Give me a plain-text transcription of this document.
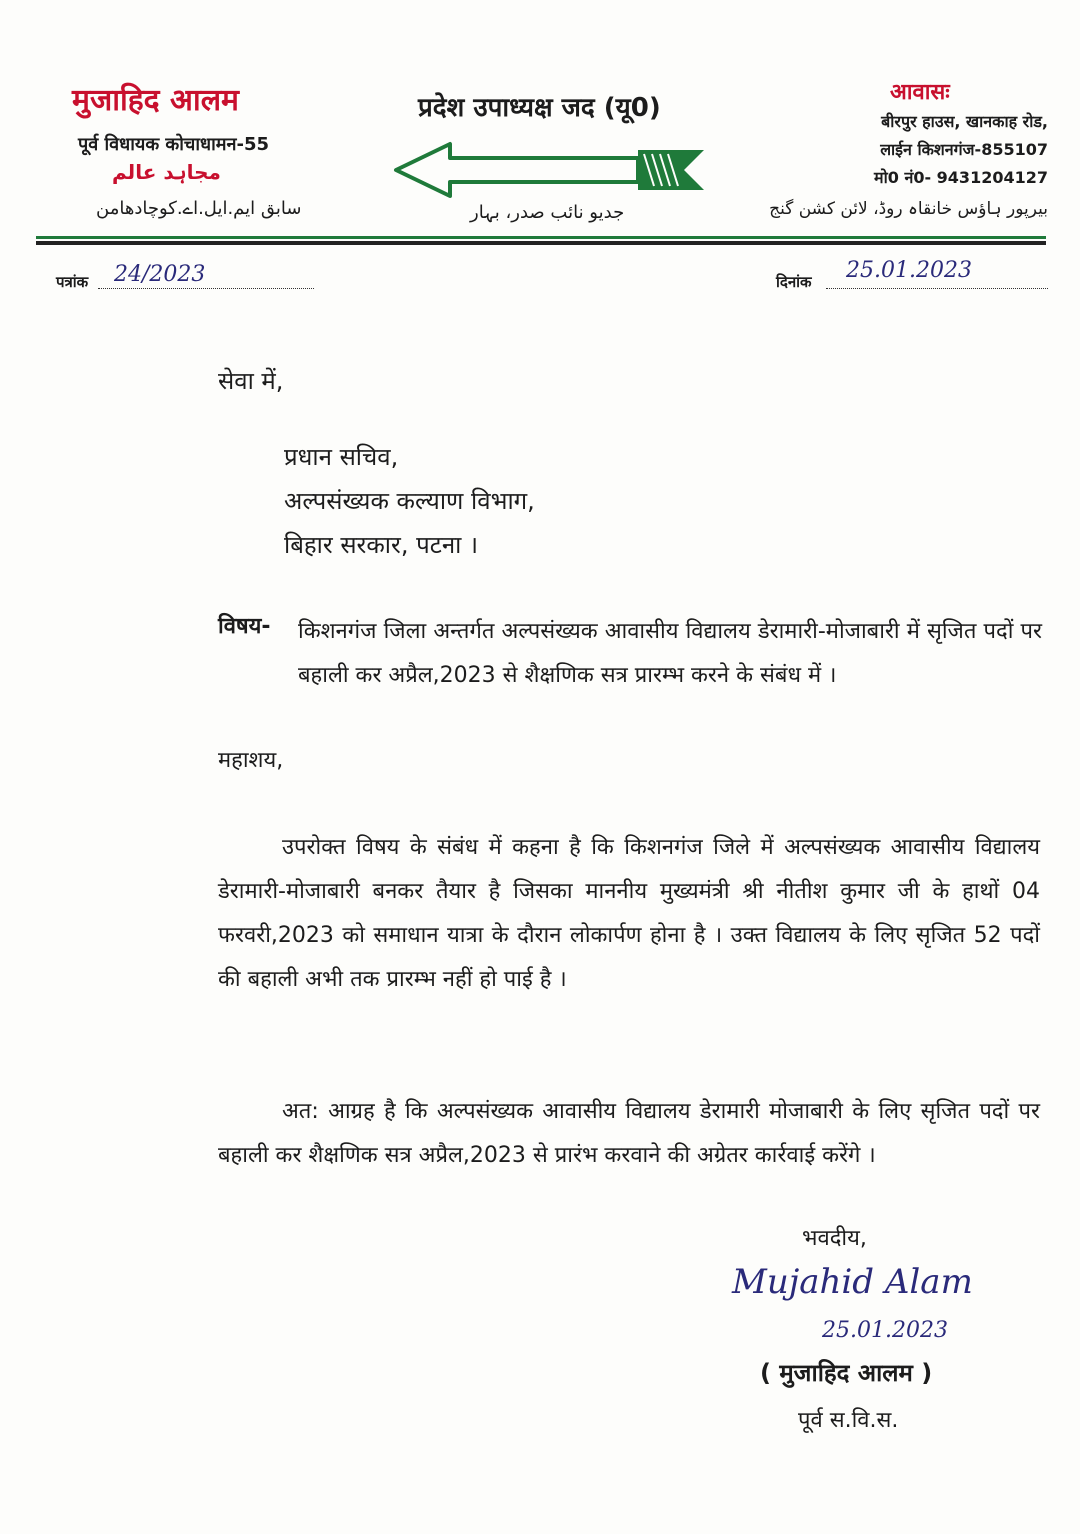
मुजाहिद आलम
पूर्व विधायक कोचाधामन-55
مجاہد عالم
سابق ایم.ایل.اے.کوچادھامن
प्रदेश उपाध्यक्ष जद (यू0)
جدیو نائب صدر، بہار
आवासः
बीरपुर हाउस, खानकाह रोड,
लाईन किशनगंज-855107
मो0 नं0- 9431204127
بیرپور ہاؤس خانقاہ روڈ، لائن کشن گنج
पत्रांक 24/2023	दिनांक 25.01.2023
सेवा में,
प्रधान सचिव,
अल्पसंख्यक कल्याण विभाग,
बिहार सरकार, पटना ।
विषय- किशनगंज जिला अन्तर्गत अल्पसंख्यक आवासीय विद्यालय डेरामारी-मोजाबारी में सृजित पदों पर बहाली कर अप्रैल,2023 से शैक्षणिक सत्र प्रारम्भ करने के संबंध में ।
महाशय,
उपरोक्त विषय के संबंध में कहना है कि किशनगंज जिले में अल्पसंख्यक आवासीय विद्यालय डेरामारी-मोजाबारी बनकर तैयार है जिसका माननीय मुख्यमंत्री श्री नीतीश कुमार जी के हाथों 04 फरवरी,2023 को समाधान यात्रा के दौरान लोकार्पण होना है । उक्त विद्यालय के लिए सृजित 52 पदों की बहाली अभी तक प्रारम्भ नहीं हो पाई है ।
अत: आग्रह है कि अल्पसंख्यक आवासीय विद्यालय डेरामारी मोजाबारी के लिए सृजित पदों पर बहाली कर शैक्षणिक सत्र अप्रैल,2023 से प्रारंभ करवाने की अग्रेतर कार्रवाई करेंगे ।
भवदीय,
Mujahid Alam
25.01.2023
( मुजाहिद आलम )
पूर्व स.वि.स.
